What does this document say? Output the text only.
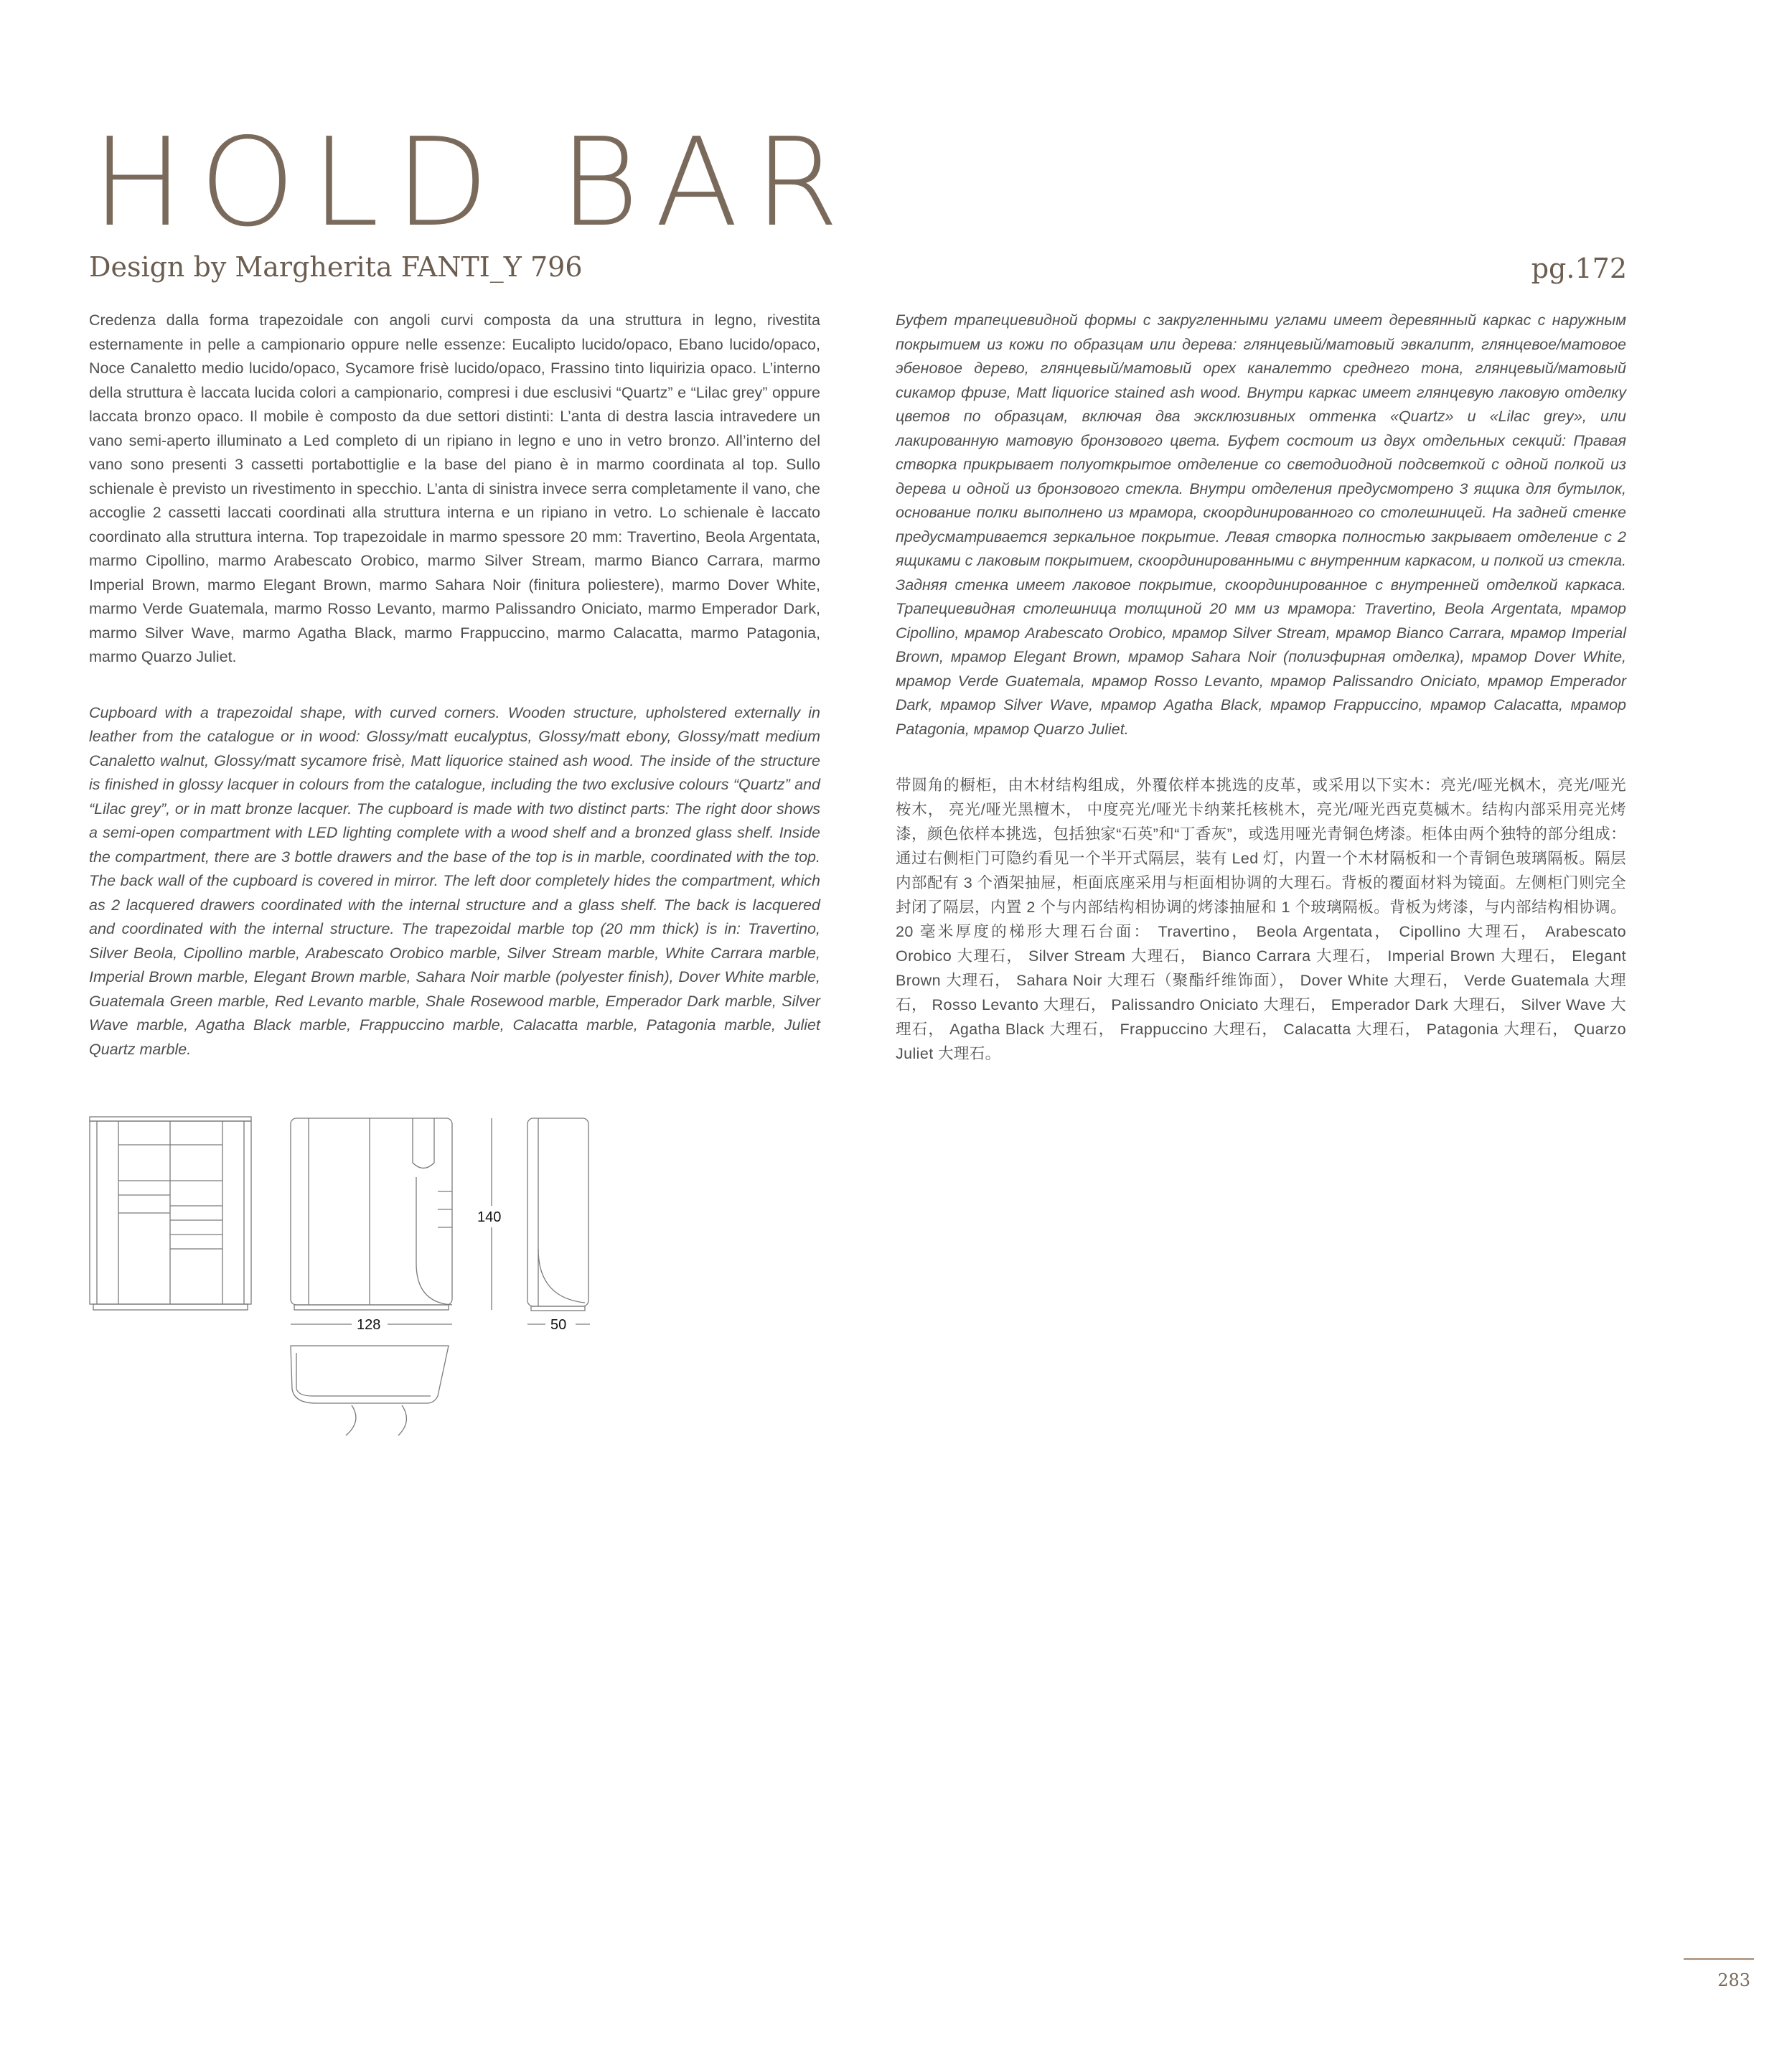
HOLD BAR
Design by Margherita FANTI_Y 796	pg.172

Credenza dalla forma trapezoidale con angoli curvi composta da una struttura in legno, rivestita esternamente in pelle a campionario oppure nelle essenze: Eucalipto lucido/opaco, Ebano lucido/opaco, Noce Canaletto medio lucido/opaco, Sycamore frisè lucido/opaco, Frassino tinto liquirizia opaco. L’interno della struttura è laccata lucida colori a campionario, compresi i due esclusivi “Quartz” e “Lilac grey” oppure laccata bronzo opaco. Il mobile è composto da due settori distinti: L’anta di destra lascia intravedere un vano semi-aperto illuminato a Led completo di un ripiano in legno e uno in vetro bronzo. All’interno del vano sono presenti 3 cassetti portabottiglie e la base del piano è in marmo coordinata al top. Sullo schienale è previsto un rivestimento in specchio. L’anta di sinistra invece serra completamente il vano, che accoglie 2 cassetti laccati coordinati alla struttura interna e un ripiano in vetro. Lo schienale è laccato coordinato alla struttura interna. Top trapezoidale in marmo spessore 20 mm: Travertino, Beola Argentata, marmo Cipollino, marmo Arabescato Orobico, marmo Silver Stream, marmo Bianco Carrara, marmo Imperial Brown, marmo Elegant Brown, marmo Sahara Noir (finitura poliestere), marmo Dover White, marmo Verde Guatemala, marmo Rosso Levanto, marmo Palissandro Oniciato, marmo Emperador Dark, marmo Silver Wave, marmo Agatha Black, marmo Frappuccino, marmo Calacatta, marmo Patagonia, marmo Quarzo Juliet.

Cupboard with a trapezoidal shape, with curved corners. Wooden structure, upholstered externally in leather from the catalogue or in wood: Glossy/matt eucalyptus, Glossy/matt ebony, Glossy/matt medium Canaletto walnut, Glossy/matt sycamore frisè, Matt liquorice stained ash wood. The inside of the structure is finished in glossy lacquer in colours from the catalogue, including the two exclusive colours “Quartz” and “Lilac grey”, or in matt bronze lacquer. The cupboard is made with two distinct parts: The right door shows a semi-open compartment with LED lighting complete with a wood shelf and a bronzed glass shelf. Inside the compartment, there are 3 bottle drawers and the base of the top is in marble, coordinated with the top. The back wall of the cupboard is covered in mirror. The left door completely hides the compartment, which as 2 lacquered drawers coordinated with the internal structure and a glass shelf. The back is lacquered and coordinated with the internal structure. The trapezoidal marble top (20 mm thick) is in: Travertino, Silver Beola, Cipollino marble, Arabescato Orobico marble, Silver Stream marble, White Carrara marble, Imperial Brown marble, Elegant Brown marble, Sahara Noir marble (polyester finish), Dover White marble, Guatemala Green marble, Red Levanto marble, Shale Rosewood marble, Emperador Dark marble, Silver Wave marble, Agatha Black marble, Frappuccino marble, Calacatta marble, Patagonia marble, Juliet Quartz marble.

Буфет трапециевидной формы с закругленными углами имеет деревянный каркас с наружным покрытием из кожи по образцам или дерева: глянцевый/матовый эвкалипт, глянцевое/матовое эбеновое дерево, глянцевый/матовый орех каналетто среднего тона, глянцевый/матовый сикамор фризе, Matt liquorice stained ash wood. Внутри каркас имеет глянцевую лаковую отделку цветов по образцам, включая два эксклюзивных оттенка «Quartz» и «Lilac grey», или лакированную матовую бронзового цвета. Буфет состоит из двух отдельных секций: Правая створка прикрывает полуоткрытое отделение со светодиодной подсветкой с одной полкой из дерева и одной из бронзового стекла. Внутри отделения предусмотрено 3 ящика для бутылок, основание полки выполнено из мрамора, скоординированного со столешницей. На задней стенке предусматривается зеркальное покрытие. Левая створка полностью закрывает отделение с 2 ящиками с лаковым покрытием, скоординированными с внутренним каркасом, и полкой из стекла. Задняя стенка имеет лаковое покрытие, скоординированное с внутренней отделкой каркаса. Трапециевидная столешница толщиной 20 мм из мрамора: Travertino, Beola Argentata, мрамор Cipollino, мрамор Arabescato Orobico, мрамор Silver Stream, мрамор Bianco Carrara, мрамор Imperial Brown, мрамор Elegant Brown, мрамор Sahara Noir (полиэфирная отделка), мрамор Dover White, мрамор Verde Guatemala, мрамор Rosso Levanto, мрамор Palissandro Oniciato, мрамор Emperador Dark, мрамор Silver Wave, мрамор Agatha Black, мрамор Frappuccino, мрамор Calacatta, мрамор Patagonia, мрамор Quarzo Juliet.

带圆角的橱柜，由木材结构组成，外覆依样本挑选的皮革，或采用以下实木：亮光/哑光枫木，亮光/哑光桉木， 亮光/哑光黑檀木， 中度亮光/哑光卡纳莱托核桃木，亮光/哑光西克莫槭木。结构内部采用亮光烤漆，颜色依样本挑选，包括独家“石英”和“丁香灰”，或选用哑光青铜色烤漆。柜体由两个独特的部分组成：通过右侧柜门可隐约看见一个半开式隔层，装有 Led 灯，内置一个木材隔板和一个青铜色玻璃隔板。隔层内部配有 3 个酒架抽屉，柜面底座采用与柜面相协调的大理石。背板的覆面材料为镜面。左侧柜门则完全封闭了隔层，内置 2 个与内部结构相协调的烤漆抽屉和 1 个玻璃隔板。背板为烤漆，与内部结构相协调。20 毫米厚度的梯形大理石台面： Travertino， Beola Argentata， Cipollino 大理石， Arabescato Orobico 大理石， Silver Stream 大理石， Bianco Carrara 大理石， Imperial Brown 大理石， Elegant Brown 大理石， Sahara Noir 大理石（聚酯纤维饰面）， Dover White 大理石， Verde Guatemala 大理石， Rosso Levanto 大理石， Palissandro Oniciato 大理石， Emperador Dark 大理石， Silver Wave 大理石， Agatha Black 大理石， Frappuccino 大理石， Calacatta 大理石， Patagonia 大理石， Quarzo Juliet 大理石。

140
128	50
283
